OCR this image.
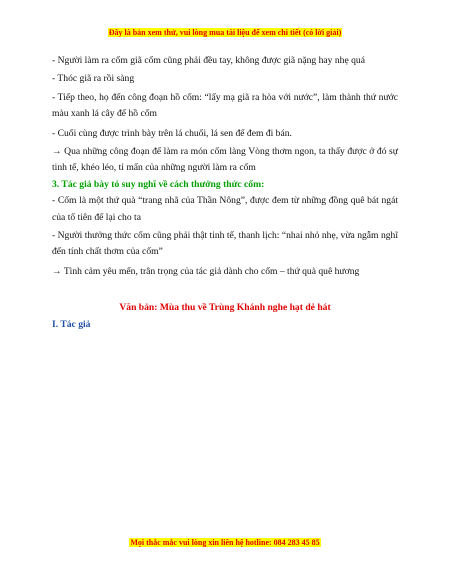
Đây là bản xem thử, vui lòng mua tài liệu để xem chi tiết (có lời giải)

- Người làm ra cốm giã cốm cũng phải đều tay, không được giã nặng hay nhẹ quá

- Thóc giã ra rồi sàng

- Tiếp theo, họ đến công đoạn hồ cốm: “lấy mạ giã ra hòa với nước”, làm thành thứ nước màu xanh lá cây để hồ cốm

- Cuối cùng được trình bày trên lá chuối, lá sen để đem đi bán.

→ Qua những công đoạn để làm ra món cốm làng Vòng thơm ngon, ta thấy được ở đó sự tinh tế, khéo léo, tỉ mẩn của những người làm ra cốm

3. Tác giả bày tỏ suy nghĩ về cách thưởng thức cốm:

- Cốm là một thứ quà “trang nhã của Thần Nông”, được đem từ những đồng quê bát ngát của tổ tiên để lại cho ta

- Người thưởng thức cốm cũng phải thật tinh tế, thanh lịch: “nhai nhỏ nhẹ, vừa ngẫm nghĩ đến tính chất thơm của cốm”

→ Tình cảm yêu mến, trân trọng của tác giả dành cho cốm – thứ quà quê hương

Văn bản: Mùa thu về Trùng Khánh nghe hạt dẻ hát

I. Tác giả

Mọi thắc mắc vui lòng xin liên hệ hotline: 084 283 45 85
